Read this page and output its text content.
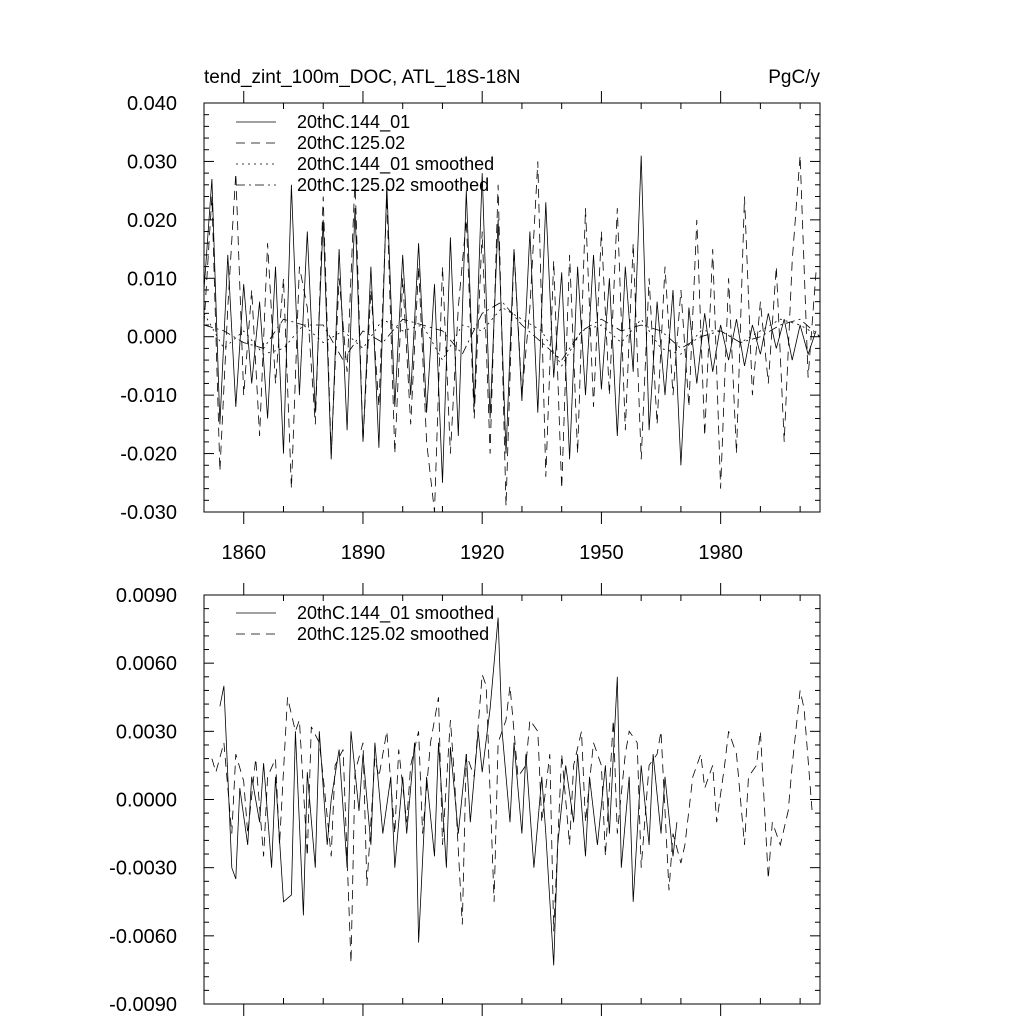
tend_zint_100m_DOC, ATL_18S-18N	PgC/y
0.040
0.030
0.020
0.010
0.000
-0.010
-0.020
-0.030
1860	1890	1920	1950	1980
20thC.144_01
20thC.125.02
20thC.144_01 smoothed
20thC.125.02 smoothed
0.0090
0.0060
0.0030
0.0000
-0.0030
-0.0060
-0.0090
20thC.144_01 smoothed
20thC.125.02 smoothed
